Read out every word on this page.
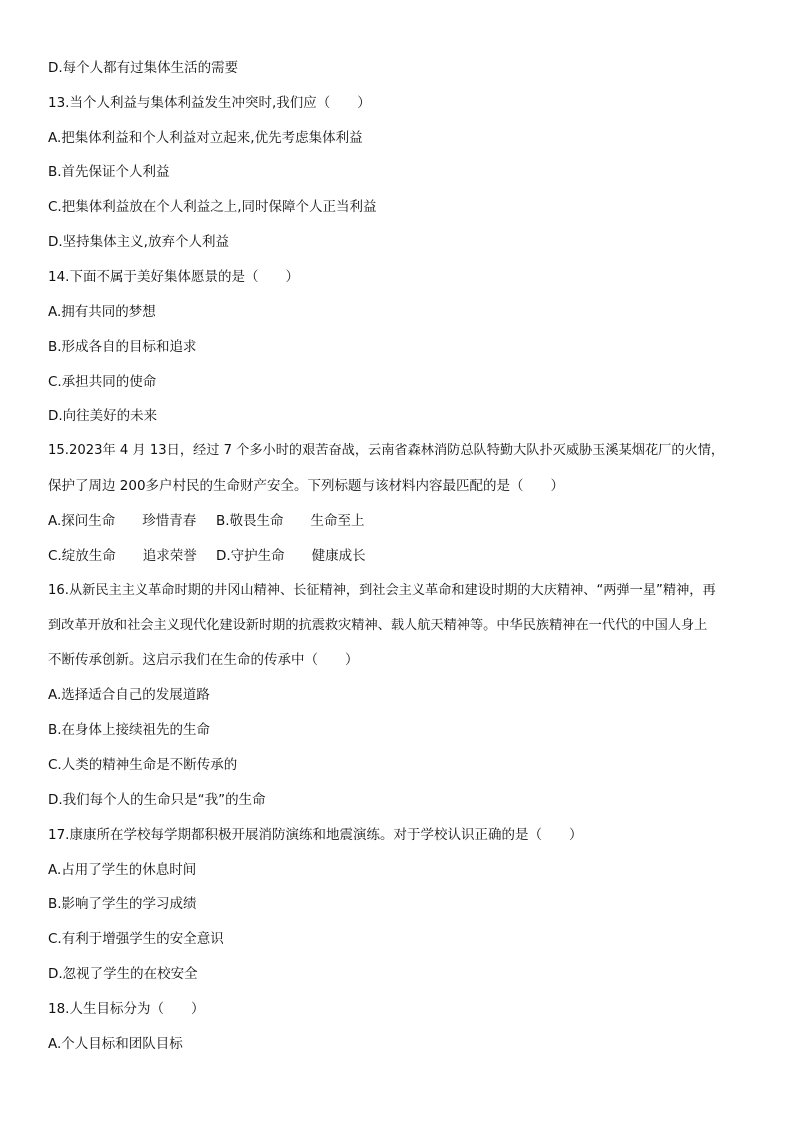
D.每个人都有过集体生活的需要
13.当个人利益与集体利益发生冲突时,我们应（　　）
A.把集体利益和个人利益对立起来,优先考虑集体利益
B.首先保证个人利益
C.把集体利益放在个人利益之上,同时保障个人正当利益
D.坚持集体主义,放弃个人利益
14.下面不属于美好集体愿景的是（　　）
A.拥有共同的梦想
B.形成各自的目标和追求
C.承担共同的使命
D.向往美好的未来
15.2023年 4 月 13日，经过 7 个多小时的艰苦奋战，云南省森林消防总队特勤大队扑灭威胁玉溪某烟花厂的火情，
保护了周边 200多户村民的生命财产安全。下列标题与该材料内容最匹配的是（　　）
A.探问生命　　珍惜青春 B.敬畏生命　　生命至上
C.绽放生命　　追求荣誉 D.守护生命　　健康成长
16.从新民主主义革命时期的井冈山精神、长征精神，到社会主义革命和建设时期的大庆精神、“两弹一星”精神，再
到改革开放和社会主义现代化建设新时期的抗震救灾精神、载人航天精神等。中华民族精神在一代代的中国人身上
不断传承创新。这启示我们在生命的传承中（　　）
A.选择适合自己的发展道路
B.在身体上接续祖先的生命
C.人类的精神生命是不断传承的
D.我们每个人的生命只是“我”的生命
17.康康所在学校每学期都积极开展消防演练和地震演练。对于学校认识正确的是（　　）
A.占用了学生的休息时间
B.影响了学生的学习成绩
C.有利于增强学生的安全意识
D.忽视了学生的在校安全
18.人生目标分为（　　）
A.个人目标和团队目标
